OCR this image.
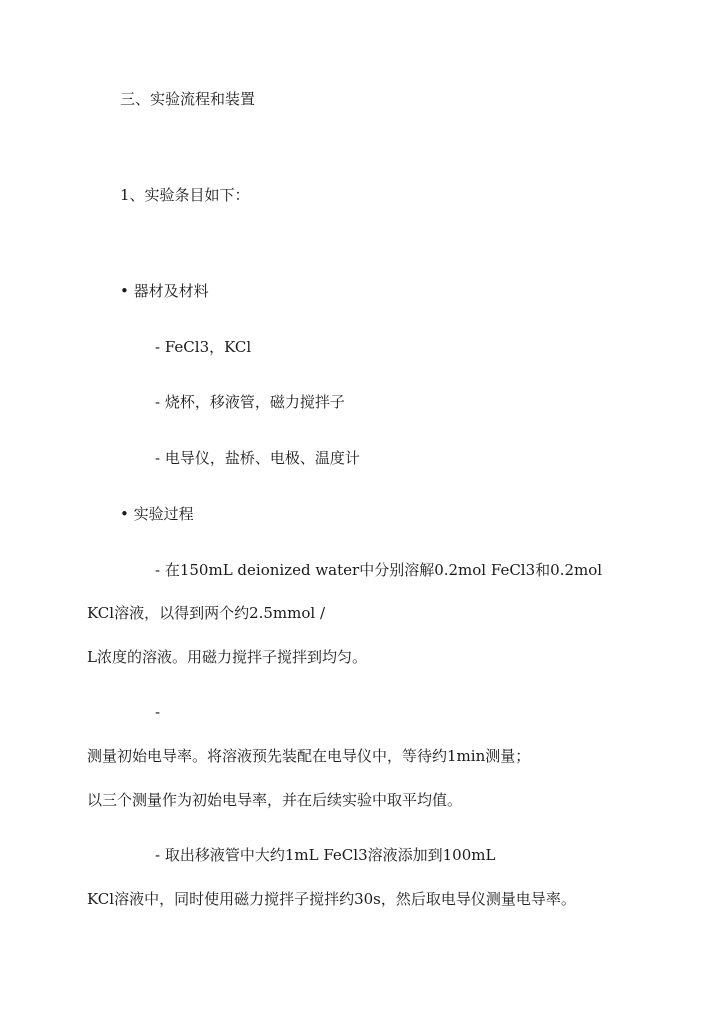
三、实验流程和装置
1、实验条目如下：
• 器材及材料
- FeCl3，KCl
- 烧杯，移液管，磁力搅拌子
- 电导仪，盐桥、电极、温度计
• 实验过程
- 在150mL deionized water中分别溶解0.2mol FeCl3和0.2mol
KCl溶液，以得到两个约2.5mmol /
L浓度的溶液。用磁力搅拌子搅拌到均匀。
-
测量初始电导率。将溶液预先装配在电导仪中，等待约1min测量；
以三个测量作为初始电导率，并在后续实验中取平均值。
- 取出移液管中大约1mL FeCl3溶液添加到100mL
KCl溶液中，同时使用磁力搅拌子搅拌约30s，然后取电导仪测量电导率。
